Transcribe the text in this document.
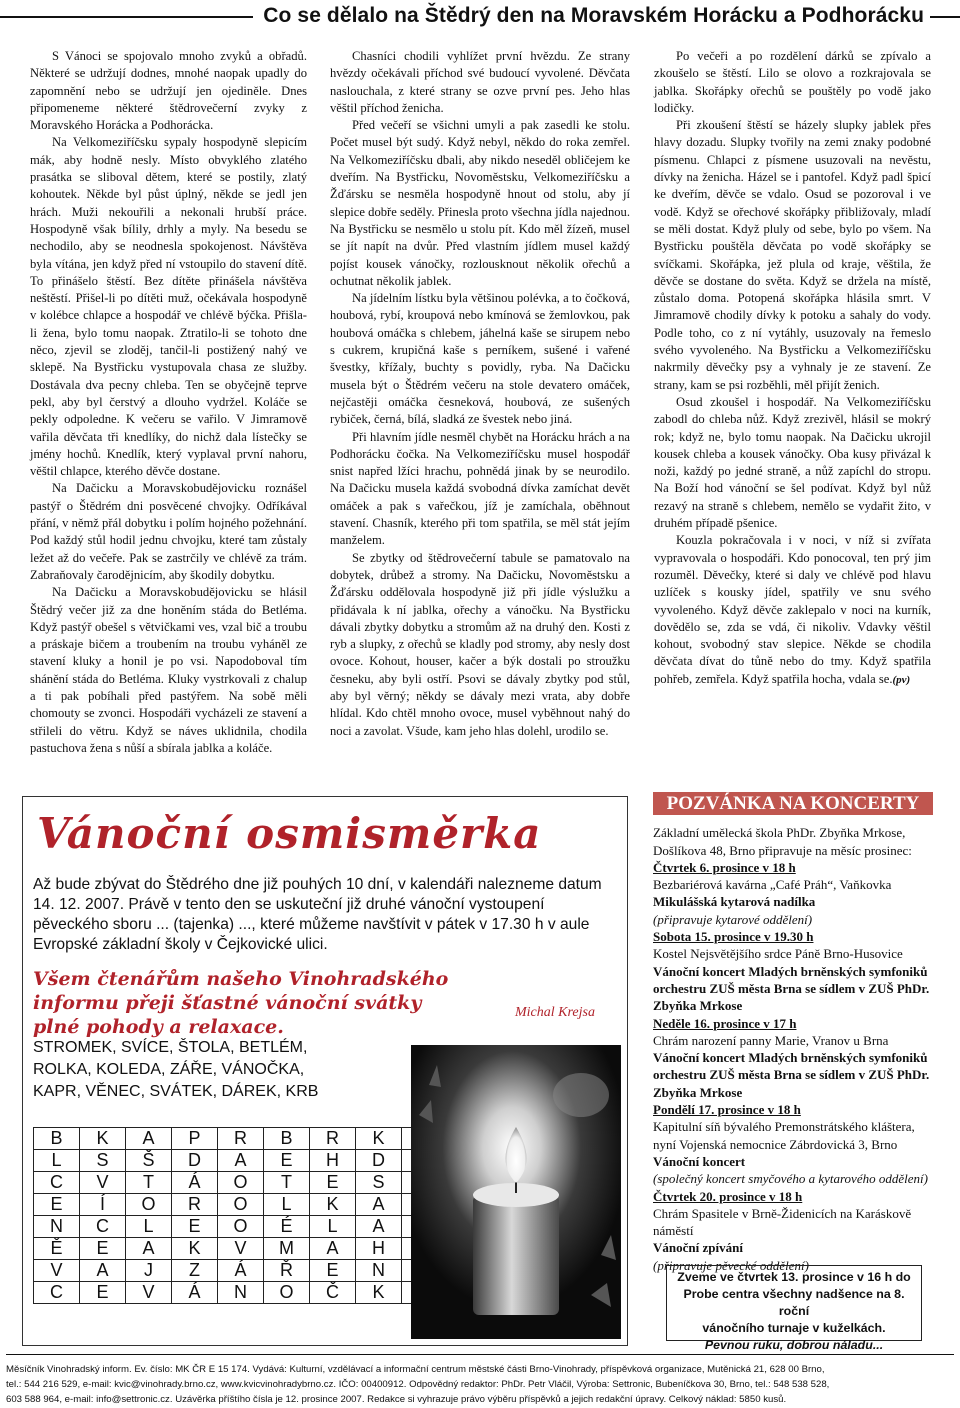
Co se dělalo na Štědrý den na Moravském Horácku a Podhorácku

S Vánoci se spojovalo mnoho zvyků a obřadů. Některé se udržují dodnes, mnohé naopak upadly do zapomnění nebo se udržují jen ojediněle. Dnes připomeneme některé štědrovečerní zvyky z Moravského Horácka a Podhorácka.

Na Velkomeziříčsku sypaly hospodyně slepicím mák, aby hodně nesly. Místo obvyklého zlatého prasátka se sliboval dětem, které se postily, zlatý kohoutek. Někde byl půst úplný, někde se jedl jen hrách. Muži nekouřili a nekonali hrubší práce. Hospodyně však bílily, drhly a myly. Na besedu se nechodilo, aby se neodnesla spokojenost. Návštěva byla vítána, jen když před ní vstoupilo do stavení dítě. To přinášelo štěstí. Bez dítěte přinášela návštěva neštěstí. Přišel-li po dítěti muž, očekávala hospodyně v kolébce chlapce a hospodář ve chlévě býčka. Přišla-li žena, bylo tomu naopak. Ztratilo-li se tohoto dne něco, zjevil se zloděj, tančil-li postižený nahý ve sklepě. Na Bystřicku vystupovala chasa ze služby. Dostávala dva pecny chleba. Ten se obyčejně teprve pekl, aby byl čerstvý a dlouho vydržel. Koláče se pekly odpoledne. K večeru se vařilo. V Jimramově vařila děvčata tři knedlíky, do nichž dala lístečky se jmény hochů. Knedlík, který vyplaval první nahoru, věštil chlapce, kterého děvče dostane.

Na Dačicku a Moravskobudějovicku roznášel pastýř o Štědrém dni posvěcené chvojky. Odříkával přání, v němž přál dobytku i polím hojného požehnání. Pod každý stůl hodil jednu chvojku, které tam zůstaly ležet až do večeře. Pak se zastrčily ve chlévě za trám. Zabraňovaly čarodějnicím, aby škodily dobytku.

Na Dačicku a Moravskobudějovicku se hlásil Štědrý večer již za dne honěním stáda do Betléma. Když pastýř obešel s větvičkami ves, vzal bič a troubu a práskaje bičem a troubením na troubu vyháněl ze stavení kluky a honil je po vsi. Napodoboval tím shánění stáda do Betléma. Kluky vystrkovali z chalup a ti pak pobíhali před pastýřem. Na sobě měli chomouty se zvonci. Hospodáři vycházeli ze stavení a střileli do větru. Když se náves uklidnila, chodila pastuchova žena s nůší a sbírala jablka a koláče.

Chasníci chodili vyhlížet první hvězdu. Ze strany hvězdy očekávali příchod své budoucí vyvolené. Děvčata naslouchala, z které strany se ozve první pes. Jeho hlas věštil příchod ženicha.

Před večeří se všichni umyli a pak zasedli ke stolu. Počet musel být sudý. Když nebyl, někdo do roka zemřel. Na Velkomeziříčsku dbali, aby nikdo neseděl obličejem ke dveřím. Na Bystřicku, Novoměstsku, Velkomeziříčsku a Žďársku se nesměla hospodyně hnout od stolu, aby jí slepice dobře seděly. Přinesla proto všechna jídla najednou. Na Bystřicku se nesmělo u stolu pít. Kdo měl žízeň, musel se jít napít na dvůr. Před vlastním jídlem musel každý pojíst kousek vánočky, rozlousknout několik ořechů a ochutnat několik jablek.

Na jídelním lístku byla většinou polévka, a to čočková, houbová, rybí, kroupová nebo kmínová se žemlovkou, pak houbová omáčka s chlebem, jáhelná kaše se sirupem nebo s cukrem, krupičná kaše s perníkem, sušené i vařené švestky, křížaly, buchty s povidly, ryba. Na Dačicku musela být o Štědrém večeru na stole devatero omáček, nejčastěji omáčka česneková, houbová, ze sušených rybiček, černá, bílá, sladká ze švestek nebo jiná.

Při hlavním jídle nesměl chybět na Horácku hrách a na Podhorácku čočka. Na Velkomeziříčsku musel hospodář snist napřed lžíci hrachu, pohnědá jinak by se neurodilo. Na Dačicku musela každá svobodná dívka zamíchat devět omáček a pak s vařečkou, jíž je zamíchala, oběhnout stavení. Chasník, kterého při tom spatřila, se měl stát jejím manželem.

Se zbytky od štědrovečerní tabule se pamatovalo na dobytek, drůbež a stromy. Na Dačicku, Novoměstsku a Žďársku oddělovala hospodyně již při jídle výslužku a přidávala k ní jablka, ořechy a vánočku. Na Bystřicku dávali zbytky dobytku a stromům až na druhý den. Kosti z ryb a slupky, z ořechů se kladly pod stromy, aby nesly dost ovoce. Kohout, houser, kačer a býk dostali po stroužku česneku, aby byli ostří. Psovi se dávaly zbytky pod stůl, aby byl věrný; někdy se dávaly mezi vrata, aby dobře hlídal. Kdo chtěl mnoho ovoce, musel vyběhnout nahý do noci a zavolat. Všude, kam jeho hlas dolehl, urodilo se.

Po večeři a po rozdělení dárků se zpívalo a zkoušelo se štěstí. Lilo se olovo a rozkrajovala se jablka. Skořápky ořechů se pouštěly po vodě jako lodičky.

Při zkoušení štěstí se házely slupky jablek přes hlavy dozadu. Slupky tvořily na zemi znaky podobné písmenu. Chlapci z písmene usuzovali na nevěstu, dívky na ženicha. Házel se i pantofel. Když padl špicí ke dveřím, děvče se vdalo. Osud se pozoroval i ve vodě. Když se ořechové skořápky přibližovaly, mladí se měli dostat. Když pluly od sebe, bylo po všem. Na Bystřicku pouštěla děvčata po vodě skořápky se svíčkami. Skořápka, jež plula od kraje, věštila, že děvče se dostane do světa. Když se držela na místě, zůstalo doma. Potopená skořápka hlásila smrt. V Jimramově chodily dívky k potoku a sahaly do vody. Podle toho, co z ní vytáhly, usuzovaly na řemeslo svého vyvoleného. Na Bystřicku a Velkomeziříčsku nakrmily děvečky psy a vyhnaly je ze stavení. Ze strany, kam se psi rozběhli, měl přijít ženich.

Osud zkoušel i hospodář. Na Velkomeziříčsku zabodl do chleba nůž. Když zrezivěl, hlásil se mokrý rok; když ne, bylo tomu naopak. Na Dačicku ukrojil kousek chleba a kousek vánočky. Oba kusy přivázal k noži, každý po jedné straně, a nůž zapíchl do stropu. Na Boží hod vánoční se šel podívat. Když byl nůž rezavý na straně s chlebem, nemělo se vydařit žito, v druhém případě pšenice.

Kouzla pokračovala i v noci, v níž si zvířata vypravovala o hospodáři. Kdo ponocoval, ten prý jim rozuměl. Děvečky, které si daly ve chlévě pod hlavu uzlíček s kousky jídel, spatřily ve snu svého vyvoleného. Když děvče zaklepalo v noci na kurník, dovědělo se, zda se vdá, či nikoliv. Vdavky věštil kohout, svobodný stav slepice. Někde se chodila děvčata dívat do tůně nebo do tmy. Když spatřila pohřeb, zemřela. Když spatřila hocha, vdala se.(pv)

Vánoční osmisměrka
Až bude zbývat do Štědrého dne již pouhých 10 dní, v kalendáři nalezneme datum 14. 12. 2007. Právě v tento den se uskuteční již druhé vánoční vystoupení pěveckého sboru ... (tajenka) ..., které můžeme navštívit v pátek v 17.30 h v aule Evropské základní školy v Čejkovické ulici.
Všem čtenářům našeho Vinohradského informu přeji šťastné vánoční svátky plné pohody a relaxace.
Michal Krejsa
STROMEK, SVÍCE, ŠTOLA, BETLÉM, ROLKA, KOLEDA, ZÁŘE, VÁNOČKA, KAPR, VĚNEC, SVÁTEK, DÁREK, KRB
B	K	A	P	R	B	R	K	
L	S	Š	D	A	E	H	D	
C	V	T	Á	O	T	E	S	
E	Í	O	R	O	L	K	A	
N	C	L	E	O	É	L	A	
Ě	E	A	K	V	M	A	H	
V	A	J	Z	Á	Ř	E	N	
C	E	V	Á	N	O	Č	K	
POZVÁNKA NA KONCERTY
Základní umělecká škola PhDr. Zbyňka Mrkose, Došlíkova 48, Brno připravuje na měsíc prosinec:
Čtvrtek 6. prosince v 18 h
Bezbariérová kavárna „Café Práh“, Vaňkovka
Mikulášská kytarová nadílka
(připravuje kytarové oddělení)
Sobota 15. prosince v 19.30 h
Kostel Nejsvětějšího srdce Páně Brno-Husovice
Vánoční koncert Mladých brněnských symfoniků orchestru ZUŠ města Brna se sídlem v ZUŠ PhDr. Zbyňka Mrkose
Neděle 16. prosince v 17 h
Chrám narození panny Marie, Vranov u Brna
Vánoční koncert Mladých brněnských symfoniků orchestru ZUŠ města Brna se sídlem v ZUŠ PhDr. Zbyňka Mrkose
Pondělí 17. prosince v 18 h
Kapitulní síň bývalého Premonstrátského kláštera, nyní Vojenská nemocnice Zábrdovická 3, Brno
Vánoční koncert
(společný koncert smyčového a kytarového oddělení)
Čtvrtek 20. prosince v 18 h
Chrám Spasitele v Brně-Židenicích na Karáskově náměstí
Vánoční zpívání
(připravuje pěvecké oddělení)
Zveme ve čtvrtek 13. prosince v 16 h do
Probe centra všechny nadšence na 8. roční
vánočního turnaje v kuželkách.
Pevnou ruku, dobrou náladu...
Měsíčník Vinohradský inform. Ev. číslo: MK ČR E 15 174. Vydává: Kulturní, vzdělávací a informační centrum městské části Brno-Vinohrady, příspěvková organizace, Mutěnická 21, 628 00 Brno,
tel.: 544 216 529, e-mail: kvic@vinohrady.brno.cz, www.kvicvinohradybrno.cz. IČO: 00400912. Odpovědný redaktor: PhDr. Petr Vláčil, Výroba: Settronic, Bubeníčkova 30, Brno, tel.: 548 538 528,
603 588 964, e-mail: info@settronic.cz. Uzávěrka příštího čísla je 12. prosince 2007. Redakce si vyhrazuje právo výběru příspěvků a jejich redakční úpravy. Celkový náklad: 5850 kusů.
